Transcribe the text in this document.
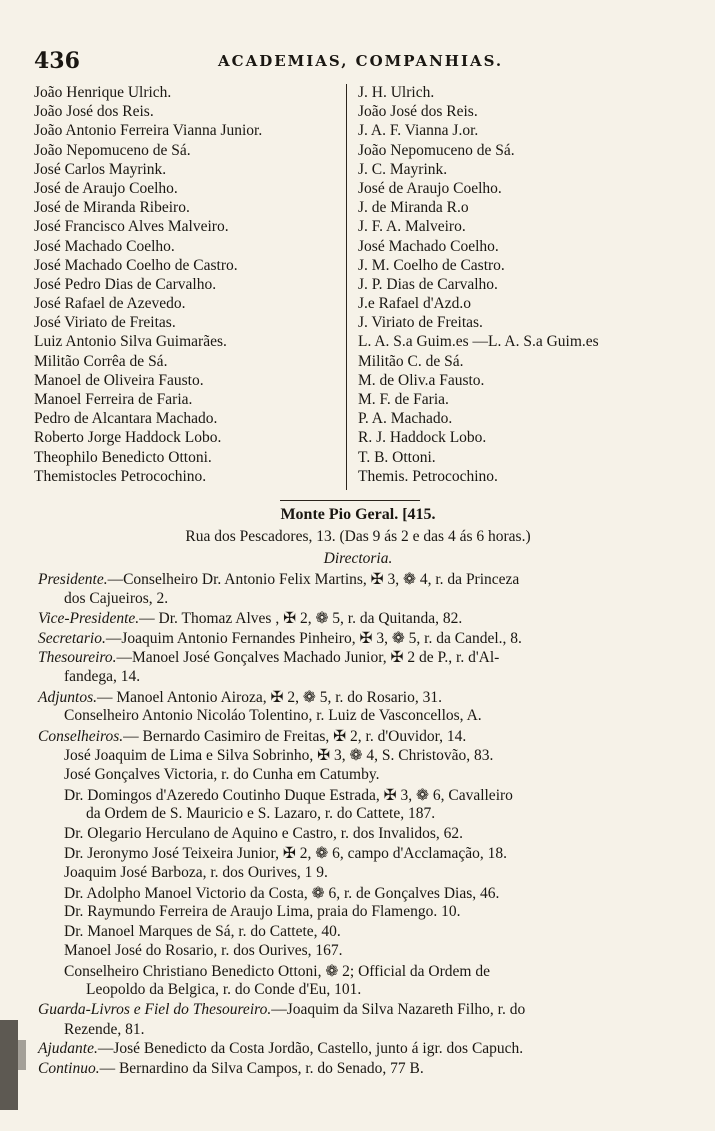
436	ACADEMIAS, COMPANHIAS.
João Henrique Ulrich.	J. H. Ulrich.
João José dos Reis.	João José dos Reis.
João Antonio Ferreira Vianna Junior.	J. A. F. Vianna J.or.
João Nepomuceno de Sá.	João Nepomuceno de Sá.
José Carlos Mayrink.	J. C. Mayrink.
José de Araujo Coelho.	José de Araujo Coelho.
José de Miranda Ribeiro.	J. de Miranda R.o
José Francisco Alves Malveiro.	J. F. A. Malveiro.
José Machado Coelho.	José Machado Coelho.
José Machado Coelho de Castro.	J. M. Coelho de Castro.
José Pedro Dias de Carvalho.	J. P. Dias de Carvalho.
José Rafael de Azevedo.	J.e Rafael d'Azd.o
José Viriato de Freitas.	J. Viriato de Freitas.
Luiz Antonio Silva Guimarães.	L. A. S.a Guim.es —L. A. S.a Guim.es
Militão Corrêa de Sá.	Militão C. de Sá.
Manoel de Oliveira Fausto.	M. de Oliv.a Fausto.
Manoel Ferreira de Faria.	M. F. de Faria.
Pedro de Alcantara Machado.	P. A. Machado.
Roberto Jorge Haddock Lobo.	R. J. Haddock Lobo.
Theophilo Benedicto Ottoni.	T. B. Ottoni.
Themistocles Petrocochino.	Themis. Petrocochino.
Monte Pio Geral. [415.
Rua dos Pescadores, 13. (Das 9 ás 2 e das 4 ás 6 horas.)
Directoria.
Presidente.—Conselheiro Dr. Antonio Felix Martins, ✠ 3, ❁ 4, r. da Princeza
dos Cajueiros, 2.
Vice-Presidente.— Dr. Thomaz Alves , ✠ 2, ❁ 5, r. da Quitanda, 82.
Secretario.—Joaquim Antonio Fernandes Pinheiro, ✠ 3, ❁ 5, r. da Candel., 8.
Thesoureiro.—Manoel José Gonçalves Machado Junior, ✠ 2 de P., r. d'Al-
fandega, 14.
Adjuntos.— Manoel Antonio Airoza, ✠ 2, ❁ 5, r. do Rosario, 31.
Conselheiro Antonio Nicoláo Tolentino, r. Luiz de Vasconcellos, A.
Conselheiros.— Bernardo Casimiro de Freitas, ✠ 2, r. d'Ouvidor, 14.
José Joaquim de Lima e Silva Sobrinho, ✠ 3, ❁ 4, S. Christovão, 83.
José Gonçalves Victoria, r. do Cunha em Catumby.
Dr. Domingos d'Azeredo Coutinho Duque Estrada, ✠ 3, ❁ 6, Cavalleiro
da Ordem de S. Mauricio e S. Lazaro, r. do Cattete, 187.
Dr. Olegario Herculano de Aquino e Castro, r. dos Invalidos, 62.
Dr. Jeronymo José Teixeira Junior, ✠ 2, ❁ 6, campo d'Acclamação, 18.
Joaquim José Barboza, r. dos Ourives, 1 9.
Dr. Adolpho Manoel Victorio da Costa, ❁ 6, r. de Gonçalves Dias, 46.
Dr. Raymundo Ferreira de Araujo Lima, praia do Flamengo. 10.
Dr. Manoel Marques de Sá, r. do Cattete, 40.
Manoel José do Rosario, r. dos Ourives, 167.
Conselheiro Christiano Benedicto Ottoni, ❁ 2; Official da Ordem de
Leopoldo da Belgica, r. do Conde d'Eu, 101.
Guarda-Livros e Fiel do Thesoureiro.—Joaquim da Silva Nazareth Filho, r. do
Rezende, 81.
Ajudante.—José Benedicto da Costa Jordão, Castello, junto á igr. dos Capuch.
Continuo.— Bernardino da Silva Campos, r. do Senado, 77 B.
